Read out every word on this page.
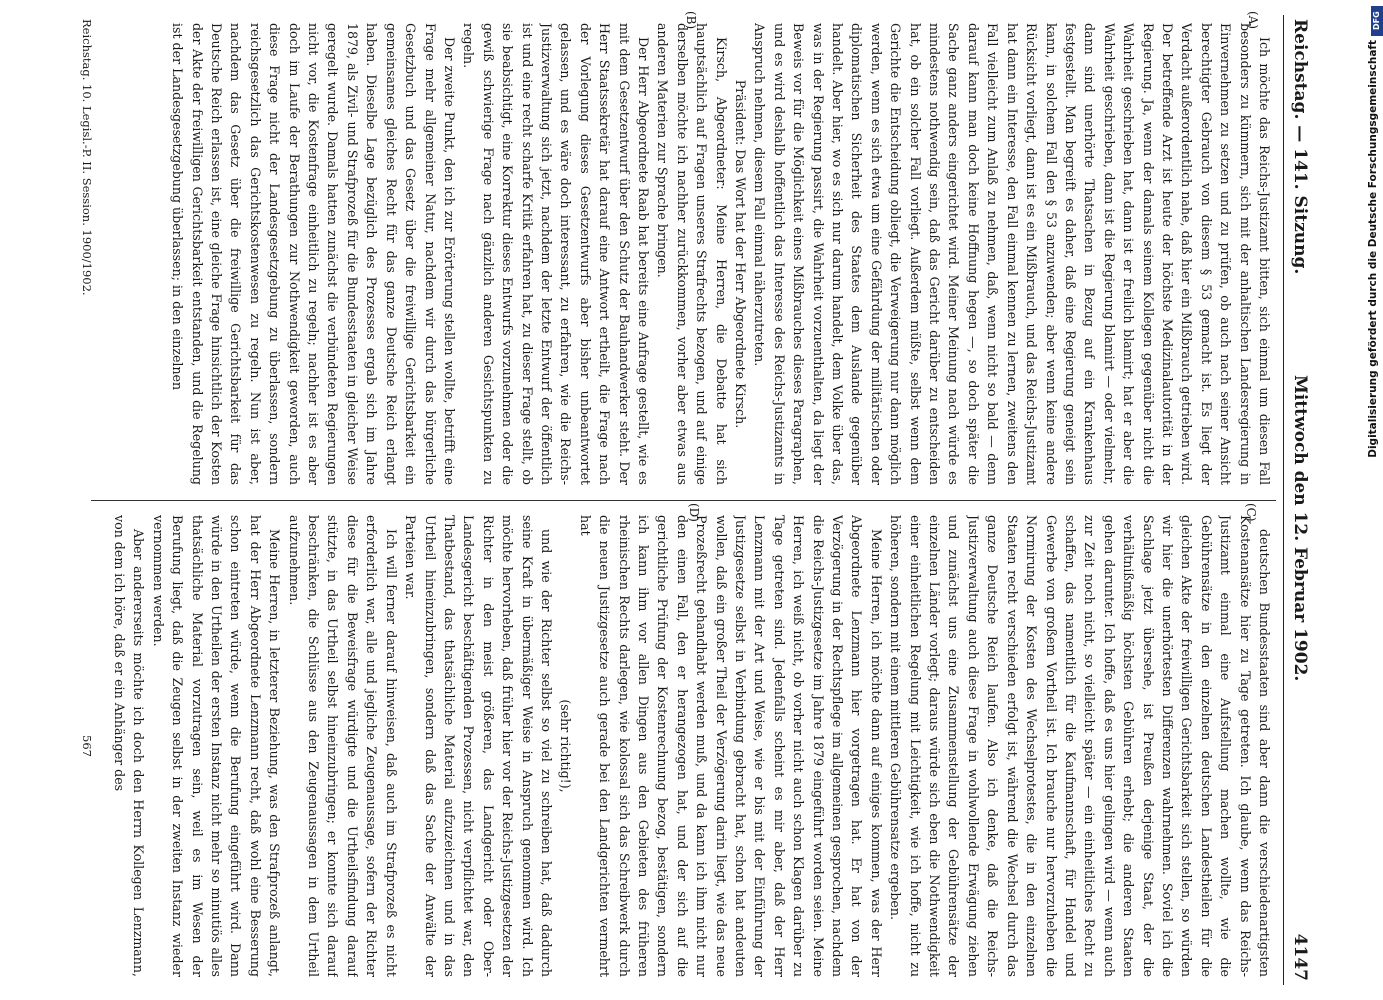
Reichstag. — 141. Sitzung.
Mittwoch den 12. Februar 1902.
4147
(A)
(C)
(B)
(D)

Ich möchte das Reichs-Justizamt bitten, sich einmal um diesen Fall besonders zu kümmern, sich mit der anhaltischen Landesregierung in Einvernehmen zu setzen und zu prüfen, ob auch nach seiner Ansicht berechtigter Gebrauch von diesem § 53 gemacht ist. Es liegt der Verdacht außerordentlich nahe, daß hier ein Mißbrauch getrieben wird. Der betreffende Arzt ist heute der höchste Medizinalautorität in der Regierung. Ja, wenn der damals seinem Kollegen gegenüber nicht die Wahrheit geschrieben hat, dann ist er freilich blamirt; hat er aber die Wahrheit geschrieben, dann ist die Regierung blamirt — oder vielmehr, dann sind unerhörte Thatsachen in Bezug auf ein Krankenhaus festgestellt. Man begreift es daher, daß eine Regierung geneigt sein kann, in solchem Fall den § 53 anzuwenden; aber wenn keine andere Rücksicht vorliegt, dann ist es ein Mißbrauch, und das Reichs-Justizamt hat dann ein Interesse, den Fall einmal kennen zu lernen, zweitens den Fall vielleicht zum Anlaß zu nehmen, daß, wenn nicht so bald — denn darauf kann man doch keine Hoffnung hegen —, so doch später die Sache ganz anders eingerichtet wird. Meiner Meinung nach würde es mindestens nothwendig sein, daß das Gericht darüber zu entscheiden hat, ob ein solcher Fall vorliegt. Außerdem müßte, selbst wenn dem Gerichte die Entscheidung obliegt, die Verweigerung nur dann möglich werden, wenn es sich etwa um eine Gefährdung der militärischen oder diplomatischen Sicherheit des Staates dem Auslande gegenüber handelt. Aber hier, wo es sich nur darum handelt, dem Volke über das, was in der Regierung passirt, die Wahrheit vorzuenthalten, da liegt der Beweis vor für die Möglichkeit eines Mißbrauches dieses Paragraphen, und es wird deshalb hoffentlich das Interesse des Reichs-Justizamts in Anspruch nehmen, diesem Fall einmal näherzutreten.

Präsident: Das Wort hat der Herr Abgeordnete Kirsch.

Kirsch, Abgeordneter: Meine Herren, die Debatte hat sich hauptsächlich auf Fragen unseres Strafrechts bezogen, und auf einige derselben möchte ich nachher zurückkommen, vorher aber etwas aus anderen Materien zur Sprache bringen.

Der Herr Abgeordnete Raab hat bereits eine Anfrage gestellt, wie es mit dem Gesetzentwurf über den Schutz der Bauhandwerker steht. Der Herr Staatssekretär hat darauf eine Antwort ertheilt, die Frage nach der Vorlegung dieses Gesetzentwurfs aber bisher unbeantwortet gelassen, und es wäre doch interessant, zu erfahren, wie die Reichs-Justizverwaltung sich jetzt, nachdem der letzte Entwurf der öffentlich ist und eine recht scharfe Kritik erfahren hat, zu dieser Frage stellt, ob sie beabsichtigt, eine Korrektur dieses Entwurfs vorzunehmen oder die gewiß schwierige Frage nach gänzlich anderen Gesichtspunkten zu regeln.

Der zweite Punkt, den ich zur Erörterung stellen wollte, betrifft eine Frage mehr allgemeiner Natur, nachdem wir durch das bürgerliche Gesetzbuch und das Gesetz über die freiwillige Gerichtsbarkeit ein gemeinsames gleiches Recht für das ganze Deutsche Reich erlangt haben. Dieselbe Lage bezüglich des Prozesses ergab sich im Jahre 1879, als Zivil- und Strafprozeß für die Bundesstaaten in gleicher Weise geregelt wurde. Damals hatten zunächst die verbündeten Regierungen nicht vor, die Kostenfrage einheitlich zu regeln; nachher ist es aber doch im Laufe der Berathungen zur Nothwendigkeit geworden, auch diese Frage nicht der Landesgesetzgebung zu überlassen, sondern reichsgesetzlich das Gerichtskostenwesen zu regeln. Nun ist aber, nachdem das Gesetz über die freiwillige Gerichtsbarkeit für das Deutsche Reich erlassen ist, eine gleiche Frage hinsichtlich der Kosten der Akte der freiwilligen Gerichtsbarkeit entstanden, und die Regelung ist der Landesgesetzgebung überlassen; in den einzelnen

deutschen Bundesstaaten sind aber dann die verschiedenartigsten Kostenansätze hier zu Tage getreten. Ich glaube, wenn das Reichs-Justizamt einmal eine Aufstellung machen wollte, wie die Gebührensätze in den einzelnen deutschen Landestheilen für die gleichen Akte der freiwilligen Gerichtsbarkeit sich stellen, so würden wir hier die unerhörtesten Differenzen wahrnehmen. Soviel ich die Sachlage jetzt übersehe, ist Preußen derjenige Staat, der die verhältnißmäßig höchsten Gebühren erhebt; die anderen Staaten gehen darunter. Ich hoffe, daß es uns hier gelingen wird — wenn auch zur Zeit noch nicht, so vielleicht später — ein einheitliches Recht zu schaffen, das namentlich für die Kaufmannschaft, für Handel und Gewerbe von großem Vortheil ist. Ich brauche nur hervorzuheben die Normirung der Kosten des Wechselprotestes, die in den einzelnen Staaten recht verschieden erfolgt ist, während die Wechsel durch das ganze Deutsche Reich laufen. Also ich denke, daß die Reichs-Justizverwaltung auch diese Frage in wohlwollende Erwägung ziehen und zunächst uns eine Zusammenstellung der Gebührensätze der einzelnen Länder vorlegt; daraus würde sich eben die Nothwendigkeit einer einheitlichen Regelung mit Leichtigkeit, wie ich hoffe, nicht zu höheren, sondern mit einem mittleren Gebührensatze ergeben.

Meine Herren, ich möchte dann auf einiges kommen, was der Herr Abgeordnete Lenzmann hier vorgetragen hat. Er hat von der Verzögerung in der Rechtspflege im allgemeinen gesprochen, nachdem die Reichs-Justizgesetze im Jahre 1879 eingeführt worden seien. Meine Herren, ich weiß nicht, ob vorher nicht auch schon Klagen darüber zu Tage getreten sind. Jedenfalls scheint es mir aber, daß der Herr Lenzmann mit der Art und Weise, wie er bis mit der Einführung der Justizgesetze selbst in Verbindung gebracht hat, schon hat andeuten wollen, daß ein großer Theil der Verzögerung darin liegt, wie das neue Prozeßrecht gehandhabt werden muß, und da kann ich ihm nicht nur den einen Fall, den er herangezogen hat, und der sich auf die gerichtliche Prüfung der Kostenrechnung bezog, bestätigen, sondern ich kann ihm vor allen Dingen aus den Gebieten des früheren rheinischen Rechts darlegen, wie kolossal sich das Schreibwerk durch die neuen Justizgesetze auch gerade bei den Landgerichten vermehrt hat

(sehr richtig!),

und wie der Richter selbst so viel zu schreiben hat, daß dadurch seine Kraft in übermäßiger Weise in Anspruch genommen wird. Ich möchte hervorheben, daß früher hier vor der Reichs-Justizgesetzen der Richter in den meist größeren, das Landgericht oder Ober-Landesgericht beschäftigenden Prozessen, nicht verpflichtet war, den Thatbestand, das thatsächliche Material aufzuzeichnen und in das Urtheil hineinzubringen, sondern daß das Sache der Anwälte der Parteien war.

Ich will ferner darauf hinweisen, daß auch im Strafprozeß es nicht erforderlich war, alle und jegliche Zeugenaussage, sofern der Richter diese für die Beweisfrage würdigte und die Urtheilsfindung darauf stützte, in das Urtheil selbst hineinzubringen; er konnte sich darauf beschränken, die Schlüsse aus den Zeugenaussagen in dem Urtheil aufzunehmen.

Meine Herren, in letzterer Beziehung, was den Strafprozeß anlangt, hat der Herr Abgeordnete Lenzmann recht, daß wohl eine Besserung schon eintreten würde, wenn die Berufung eingeführt wird. Dann würde in den Urtheilen der ersten Instanz nicht mehr so minutiös alles thatsächliche Material vorzutragen sein, weil es im Wesen der Berufung liegt, daß die Zeugen selbst in der zweiten Instanz wieder vernommen werden.

Aber andererseits möchte ich doch den Herrn Kollegen Lenzmann, von dem ich höre, daß er ein Anhänger des

Reichstag. 10. Legisl.-P. II. Session. 1900/1902.
567
DFG
Digitalisierung gefördert durch die Deutsche Forschungsgemeinschaft
